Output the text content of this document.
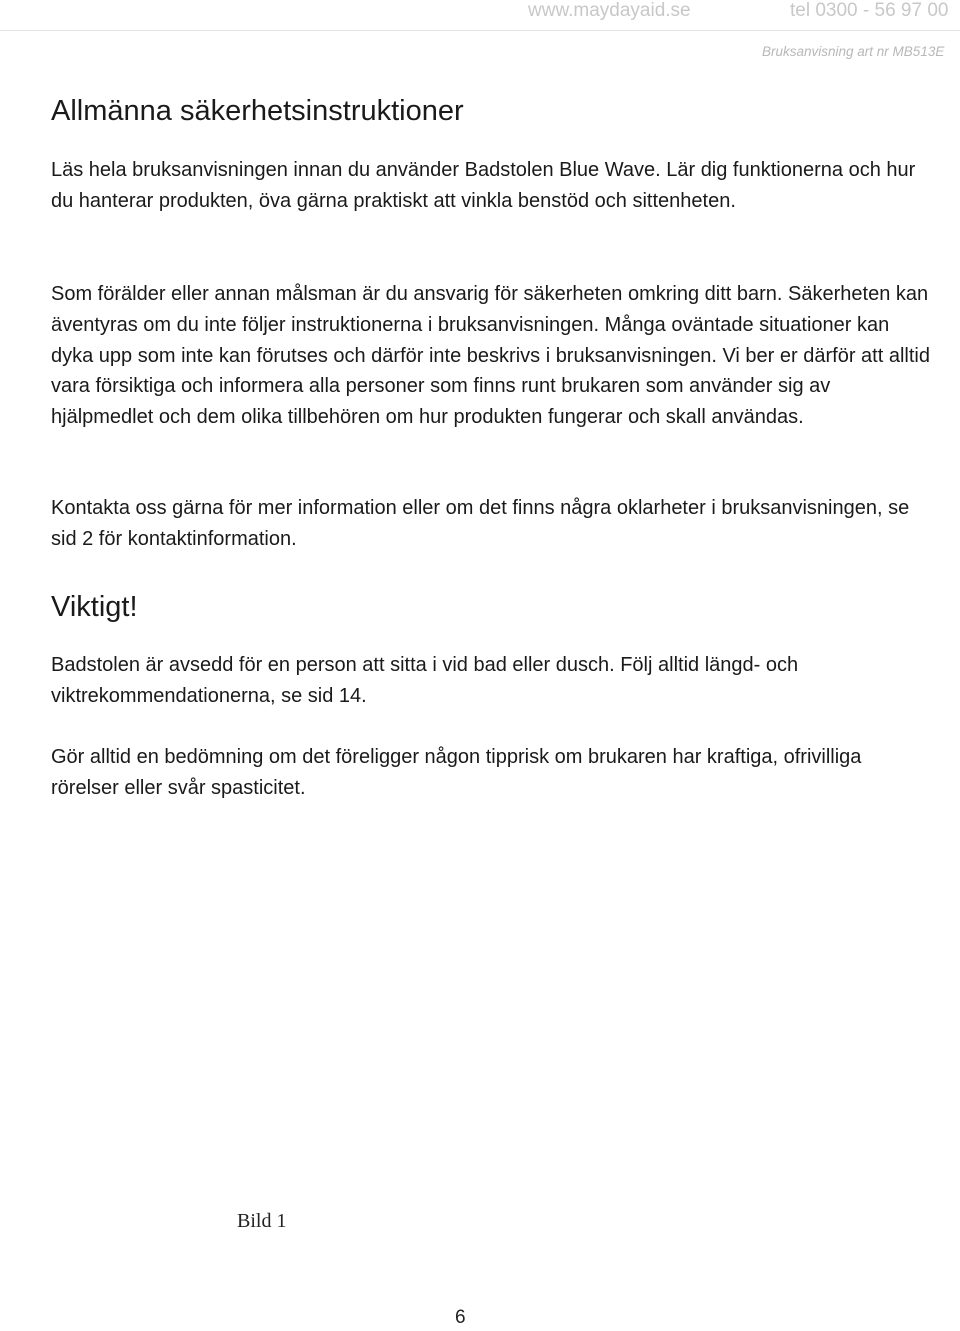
www.maydayaid.se	tel 0300 - 56 97 00
Bruksanvisning art nr MB513E
Allmänna säkerhetsinstruktioner

Läs hela bruksanvisningen innan du använder Badstolen Blue Wave. Lär dig funktionerna och hur du hanterar produkten, öva gärna praktiskt att vinkla benstöd och sittenheten.

Som förälder eller annan målsman är du ansvarig för säkerheten omkring ditt barn. Säkerheten kan äventyras om du inte följer instruktionerna i bruksanvisningen. Många oväntade situationer kan dyka upp som inte kan förutses och därför inte beskrivs i bruksanvisningen. Vi ber er därför att alltid vara försiktiga och informera alla personer som finns runt brukaren som använder sig av hjälpmedlet och dem olika tillbehören om hur produkten fungerar och skall användas.

Kontakta oss gärna för mer information eller om det finns några oklarheter i bruksanvisningen, se sid 2 för kontaktinformation.

Viktigt!

Badstolen är avsedd för en person att sitta i vid bad eller dusch. Följ alltid längd- och viktrekommendationerna, se sid 14.

Gör alltid en bedömning om det föreligger någon tipprisk om brukaren har kraftiga, ofrivilliga rörelser eller svår spasticitet.

Bild 1
6
